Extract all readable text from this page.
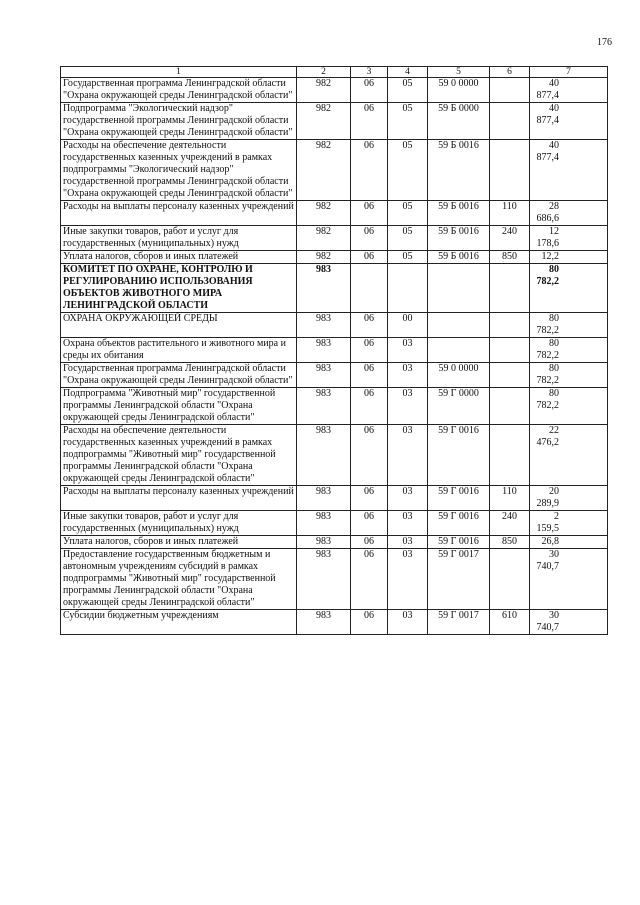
176
1	2	3	4	5	6	7
Государственная программа Ленинградской области "Охрана окружающей среды Ленинградской области"	982	06	05	59 0 0000		40 877,4
Подпрограмма "Экологический надзор" государственной программы Ленинградской области "Охрана окружающей среды Ленинградской области"	982	06	05	59 Б 0000		40 877,4
Расходы на обеспечение деятельности государственных казенных учреждений в рамках подпрограммы "Экологический надзор" государственной программы Ленинградской области "Охрана окружающей среды Ленинградской области"	982	06	05	59 Б 0016		40 877,4
Расходы на выплаты персоналу казенных учреждений	982	06	05	59 Б 0016	110	28 686,6
Иные закупки товаров, работ и услуг для государственных (муниципальных) нужд	982	06	05	59 Б 0016	240	12 178,6
Уплата налогов, сборов и иных платежей	982	06	05	59 Б 0016	850	12,2
КОМИТЕТ ПО ОХРАНЕ, КОНТРОЛЮ И РЕГУЛИРОВАНИЮ ИСПОЛЬЗОВАНИЯ ОБЪЕКТОВ ЖИВОТНОГО МИРА ЛЕНИНГРАДСКОЙ ОБЛАСТИ	983					80 782,2
ОХРАНА ОКРУЖАЮЩЕЙ СРЕДЫ	983	06	00			80 782,2
Охрана объектов растительного и животного мира и среды их обитания	983	06	03			80 782,2
Государственная программа Ленинградской области "Охрана окружающей среды Ленинградской области"	983	06	03	59 0 0000		80 782,2
Подпрограмма "Животный мир" государственной программы Ленинградской области "Охрана окружающей среды Ленинградской области"	983	06	03	59 Г 0000		80 782,2
Расходы на обеспечение деятельности государственных казенных учреждений в рамках подпрограммы "Животный мир" государственной программы Ленинградской области "Охрана окружающей среды Ленинградской области"	983	06	03	59 Г 0016		22 476,2
Расходы на выплаты персоналу казенных учреждений	983	06	03	59 Г 0016	110	20 289,9
Иные закупки товаров, работ и услуг для государственных (муниципальных) нужд	983	06	03	59 Г 0016	240	2 159,5
Уплата налогов, сборов и иных платежей	983	06	03	59 Г 0016	850	26,8
Предоставление государственным бюджетным и автономным учреждениям субсидий в рамках подпрограммы "Животный мир" государственной программы Ленинградской области "Охрана окружающей среды Ленинградской области"	983	06	03	59 Г 0017		30 740,7
Субсидии бюджетным учреждениям	983	06	03	59 Г 0017	610	30 740,7
